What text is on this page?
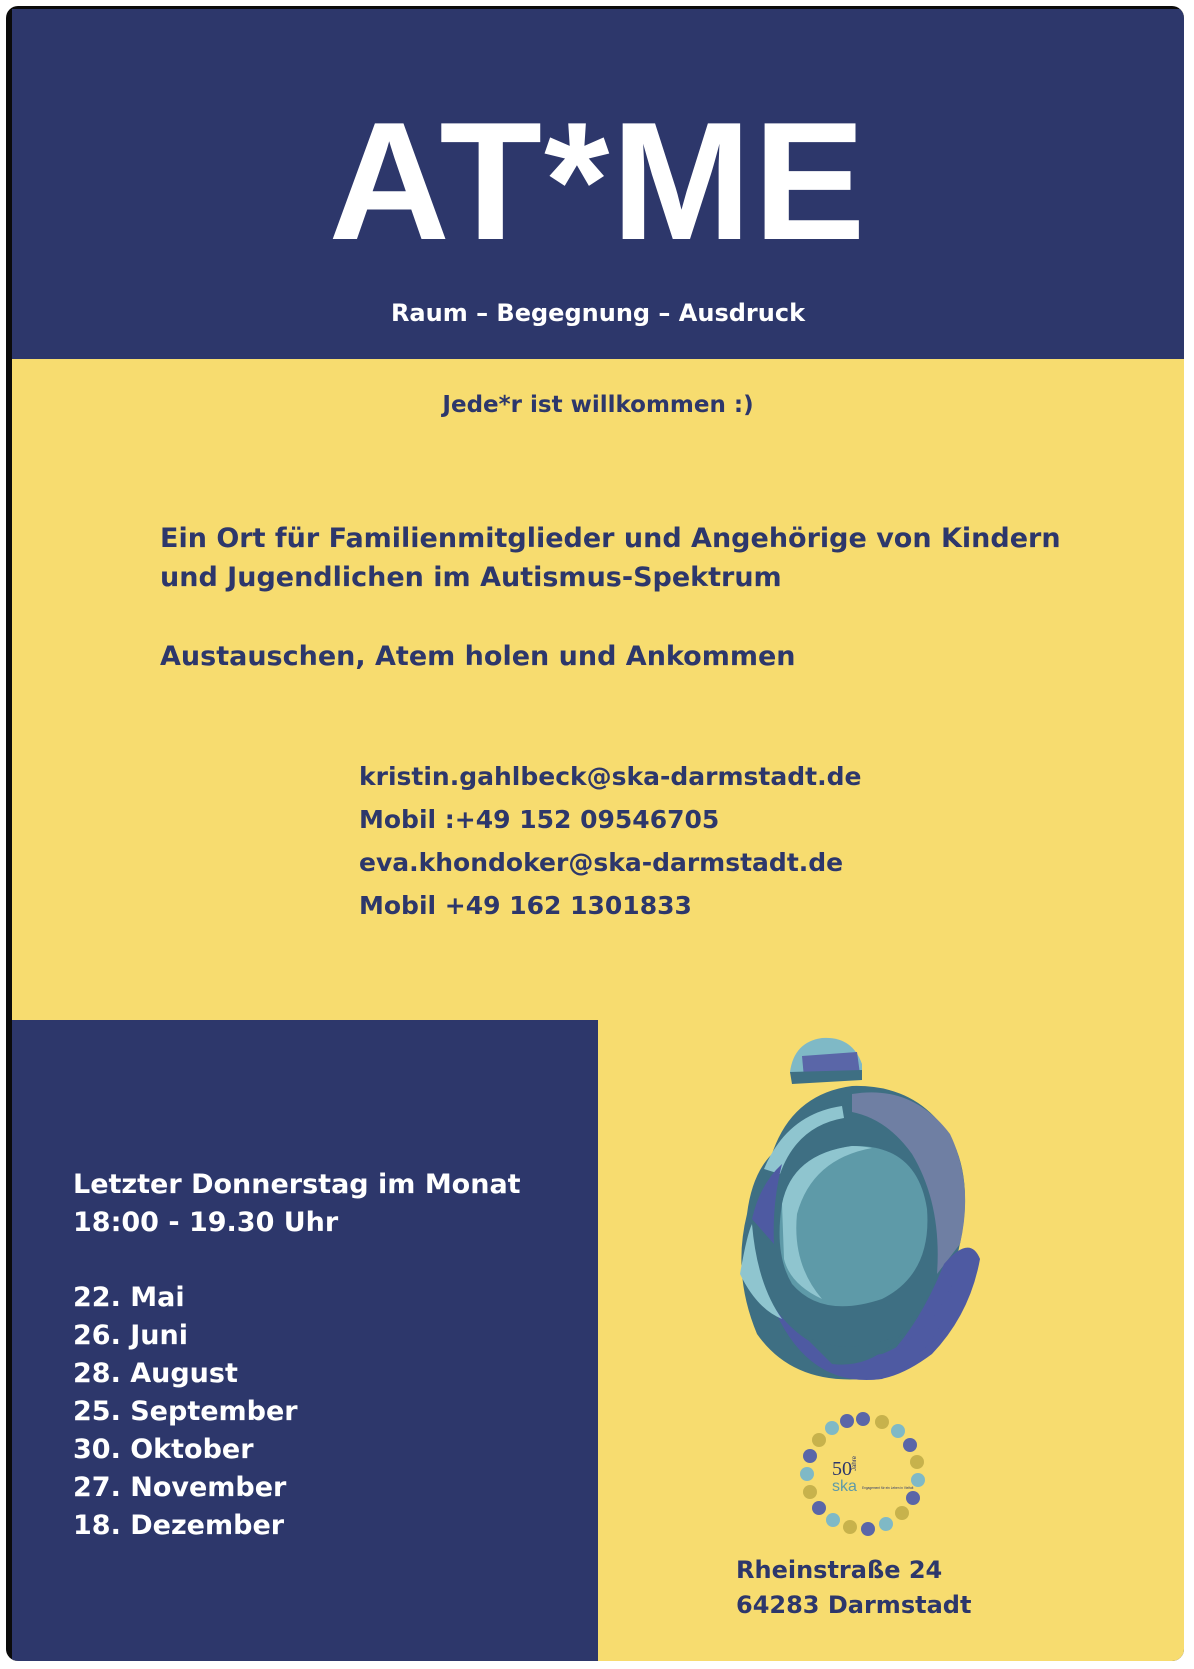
AT*ME
Raum – Begegnung – Ausdruck
Jede*r ist willkommen :)
Ein Ort für Familienmitglieder und Angehörige von Kindern
und Jugendlichen im Autismus-Spektrum
Austauschen, Atem holen und Ankommen
kristin.gahlbeck@ska-darmstadt.de
Mobil :+49 152 09546705
eva.khondoker@ska-darmstadt.de
Mobil +49 162 1301833
Letzter Donnerstag im Monat
18:00 - 19.30 Uhr
22. Mai
26. Juni
28. August
25. September
30. Oktober
27. November
18. Dezember
50 Jahre
ska Engagement für ein Leben in Vielfalt
Rheinstraße 24
64283 Darmstadt
